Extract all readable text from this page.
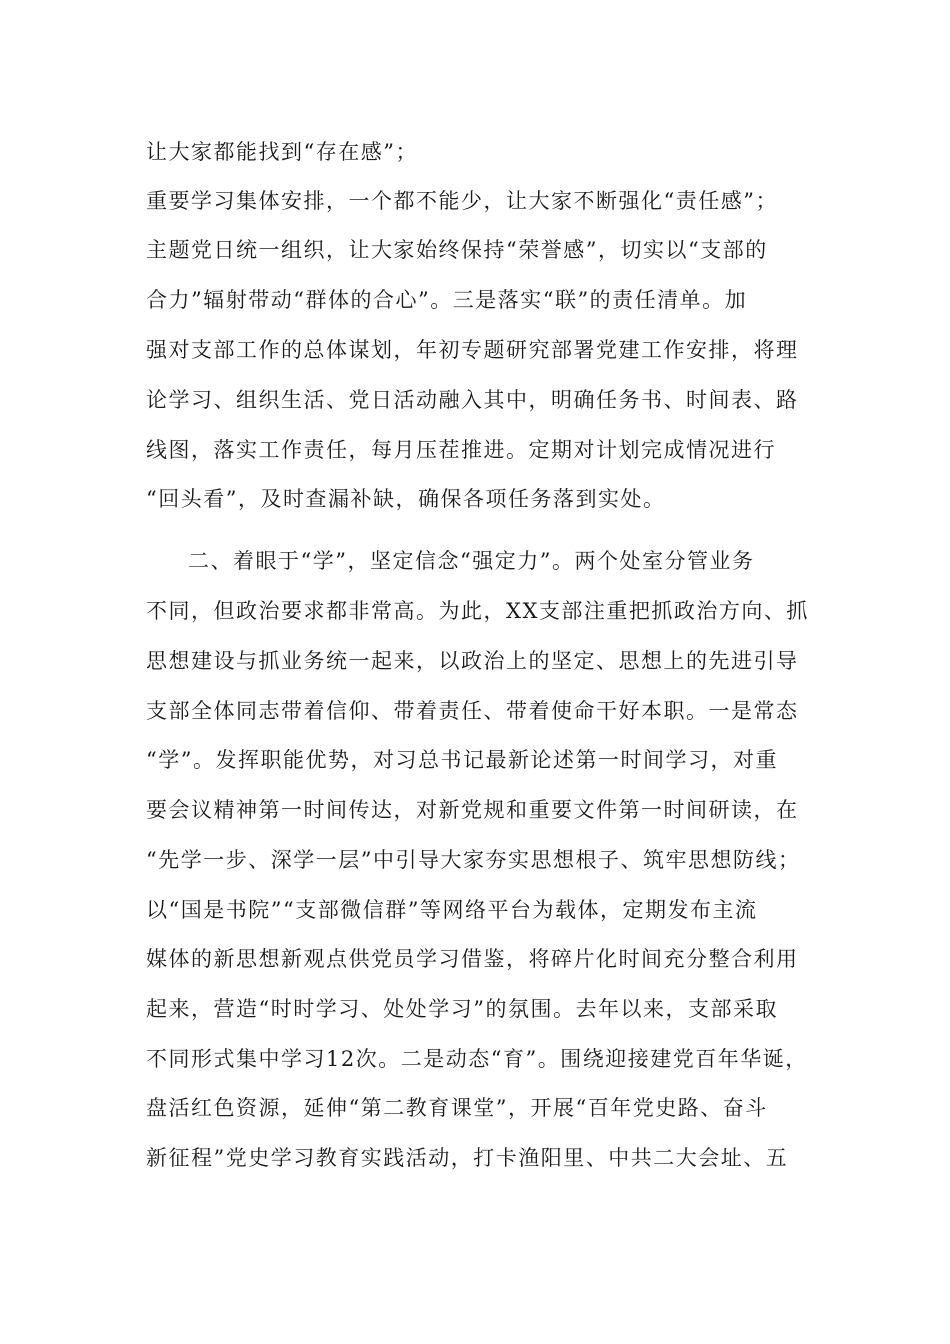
让大家都能找到“存在感”；
重要学习集体安排，一个都不能少，让大家不断强化“责任感”；
主题党日统一组织，让大家始终保持“荣誉感”，切实以“支部的
合力”辐射带动“群体的合心”。三是落实“联”的责任清单。加
强对支部工作的总体谋划，年初专题研究部署党建工作安排，将理
论学习、组织生活、党日活动融入其中，明确任务书、时间表、路
线图，落实工作责任，每月压茬推进。定期对计划完成情况进行
“回头看”，及时查漏补缺，确保各项任务落到实处。
二、着眼于“学”，坚定信念“强定力”。两个处室分管业务
不同，但政治要求都非常高。为此，XX支部注重把抓政治方向、抓
思想建设与抓业务统一起来，以政治上的坚定、思想上的先进引导
支部全体同志带着信仰、带着责任、带着使命干好本职。一是常态
“学”。发挥职能优势，对习总书记最新论述第一时间学习，对重
要会议精神第一时间传达，对新党规和重要文件第一时间研读，在
“先学一步、深学一层”中引导大家夯实思想根子、筑牢思想防线；
以“国是书院”“支部微信群”等网络平台为载体，定期发布主流
媒体的新思想新观点供党员学习借鉴，将碎片化时间充分整合利用
起来，营造“时时学习、处处学习”的氛围。去年以来，支部采取
不同形式集中学习12次。二是动态“育”。围绕迎接建党百年华诞，
盘活红色资源，延伸“第二教育课堂”，开展“百年党史路、奋斗
新征程”党史学习教育实践活动，打卡渔阳里、中共二大会址、五
